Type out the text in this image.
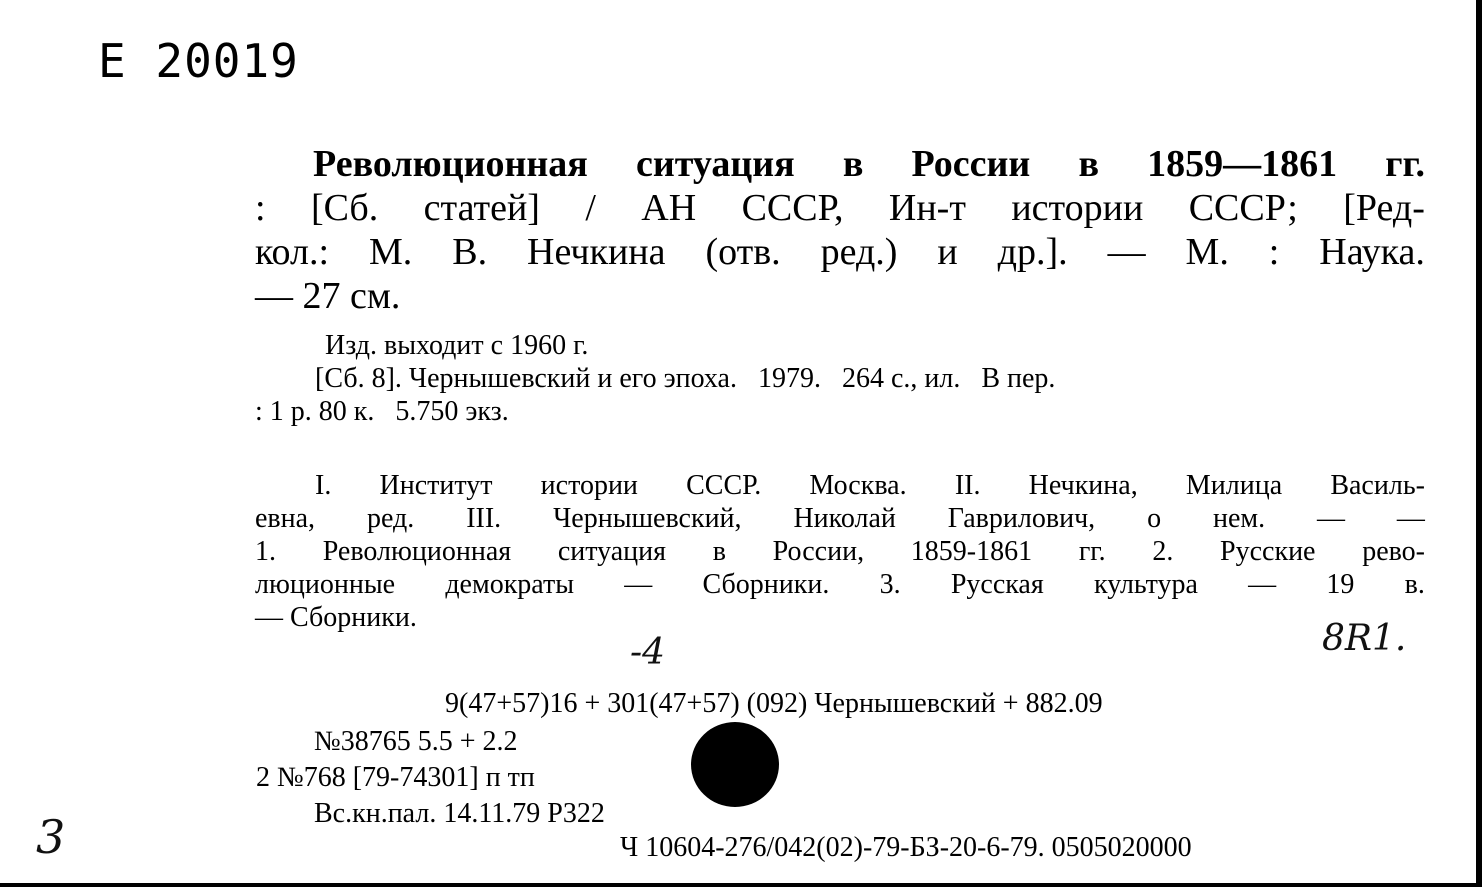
Е 20019
Революционная ситуация в России в 1859—1861 гг.
: [Сб. статей] / АН СССР, Ин-т истории СССР; [Ред-
кол.: М. В. Нечкина (отв. ред.) и др.]. — М. : Наука.
— 27 см.
Изд. выходит с 1960 г.
[Сб. 8]. Чернышевский и его эпоха.   1979.   264 с., ил.   В пер.
: 1 р. 80 к.   5.750 экз.
I. Институт истории СССР. Москва. II. Нечкина, Милица Василь-
евна, ред. III. Чернышевский, Николай Гаврилович, о нем. — —
1. Революционная ситуация в России, 1859-1861 гг. 2. Русские рево-
люционные демократы — Сборники. 3. Русская культура — 19 в.
— Сборники.
9(47+57)16 + 301(47+57) (092) Чернышевский + 882.09
№38765 5.5 + 2.2
2 №768 [79-74301] п тп
Вс.кн.пал. 14.11.79 Р322
Ч 10604-276/042(02)-79-БЗ-20-6-79. 0505020000
-4	8R1.
3
